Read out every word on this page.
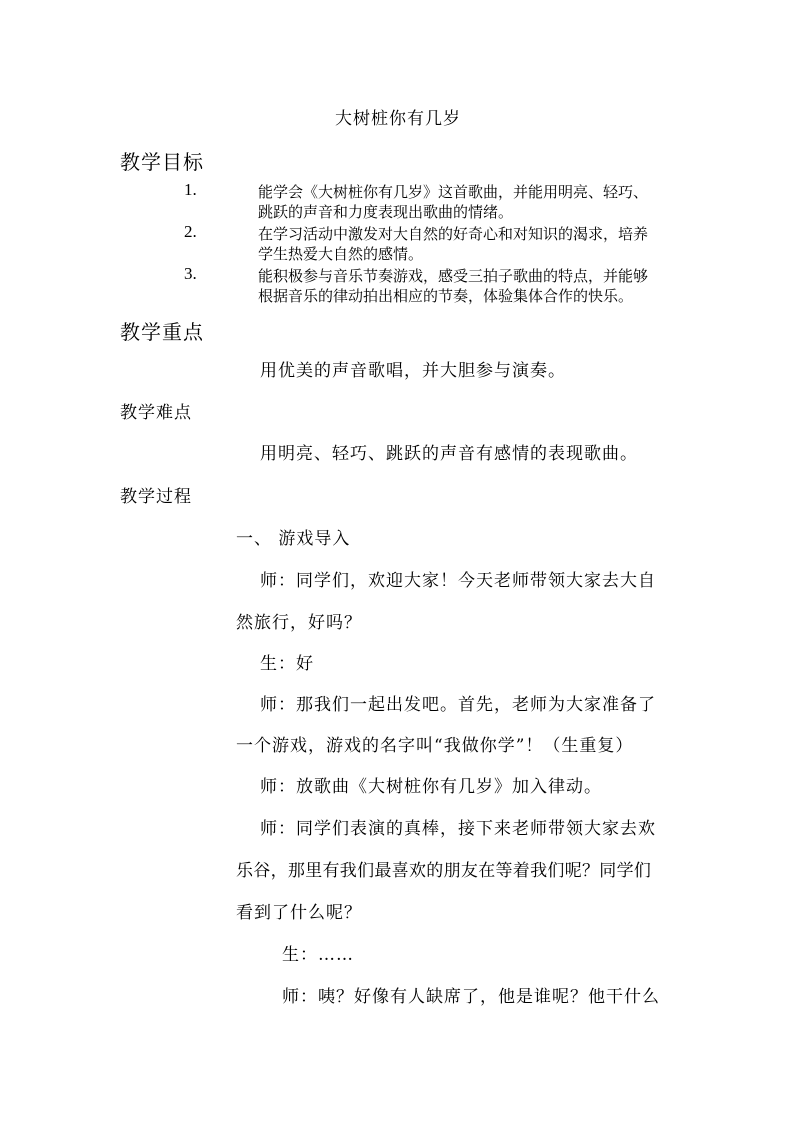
大树桩你有几岁
教学目标
1.	能学会《大树桩你有几岁》这首歌曲，并能用明亮、轻巧、
跳跃的声音和力度表现出歌曲的情绪。
2.	在学习活动中激发对大自然的好奇心和对知识的渴求，培养
学生热爱大自然的感情。
3.	能积极参与音乐节奏游戏，感受三拍子歌曲的特点，并能够
根据音乐的律动拍出相应的节奏，体验集体合作的快乐。
教学重点
用优美的声音歌唱，并大胆参与演奏。
教学难点
用明亮、轻巧、跳跃的声音有感情的表现歌曲。
教学过程
一、 游戏导入
师：同学们，欢迎大家！今天老师带领大家去大自
然旅行，好吗？
生：好
师：那我们一起出发吧。首先，老师为大家准备了
一个游戏，游戏的名字叫“我做你学”！（生重复）
师：放歌曲《大树桩你有几岁》加入律动。
师：同学们表演的真棒，接下来老师带领大家去欢
乐谷，那里有我们最喜欢的朋友在等着我们呢？同学们
看到了什么呢？
生：……
师：咦？好像有人缺席了，他是谁呢？他干什么
